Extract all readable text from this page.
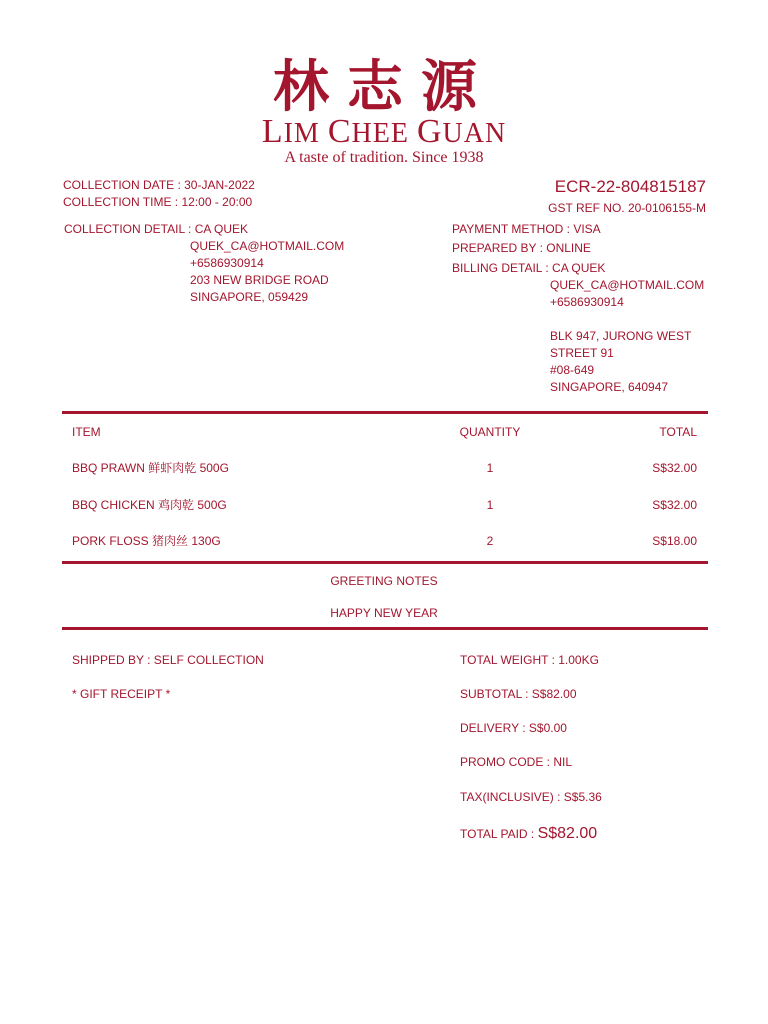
林志源
LIM CHEE GUAN
A taste of tradition. Since 1938
ECR-22-804815187
GST REF NO. 20-0106155-M
COLLECTION DATE : 30-JAN-2022
COLLECTION TIME : 12:00 - 20:00
COLLECTION DETAIL : CA QUEK
QUEK_CA@HOTMAIL.COM
+6586930914
203 NEW BRIDGE ROAD
SINGAPORE, 059429
PAYMENT METHOD : VISA
PREPARED BY : ONLINE
BILLING DETAIL : CA QUEK
QUEK_CA@HOTMAIL.COM
+6586930914
BLK 947, JURONG WEST
STREET 91
#08-649
SINGAPORE, 640947
ITEM	QUANTITY	TOTAL
BBQ PRAWN 鲜虾肉乾 500G	1	S$32.00
BBQ CHICKEN 鸡肉乾 500G	1	S$32.00
PORK FLOSS 猪肉丝 130G	2	S$18.00
GREETING NOTES
HAPPY NEW YEAR
SHIPPED BY : SELF COLLECTION
* GIFT RECEIPT *
TOTAL WEIGHT : 1.00KG
SUBTOTAL : S$82.00
DELIVERY : S$0.00
PROMO CODE : NIL
TAX(INCLUSIVE) : S$5.36
TOTAL PAID : S$82.00
